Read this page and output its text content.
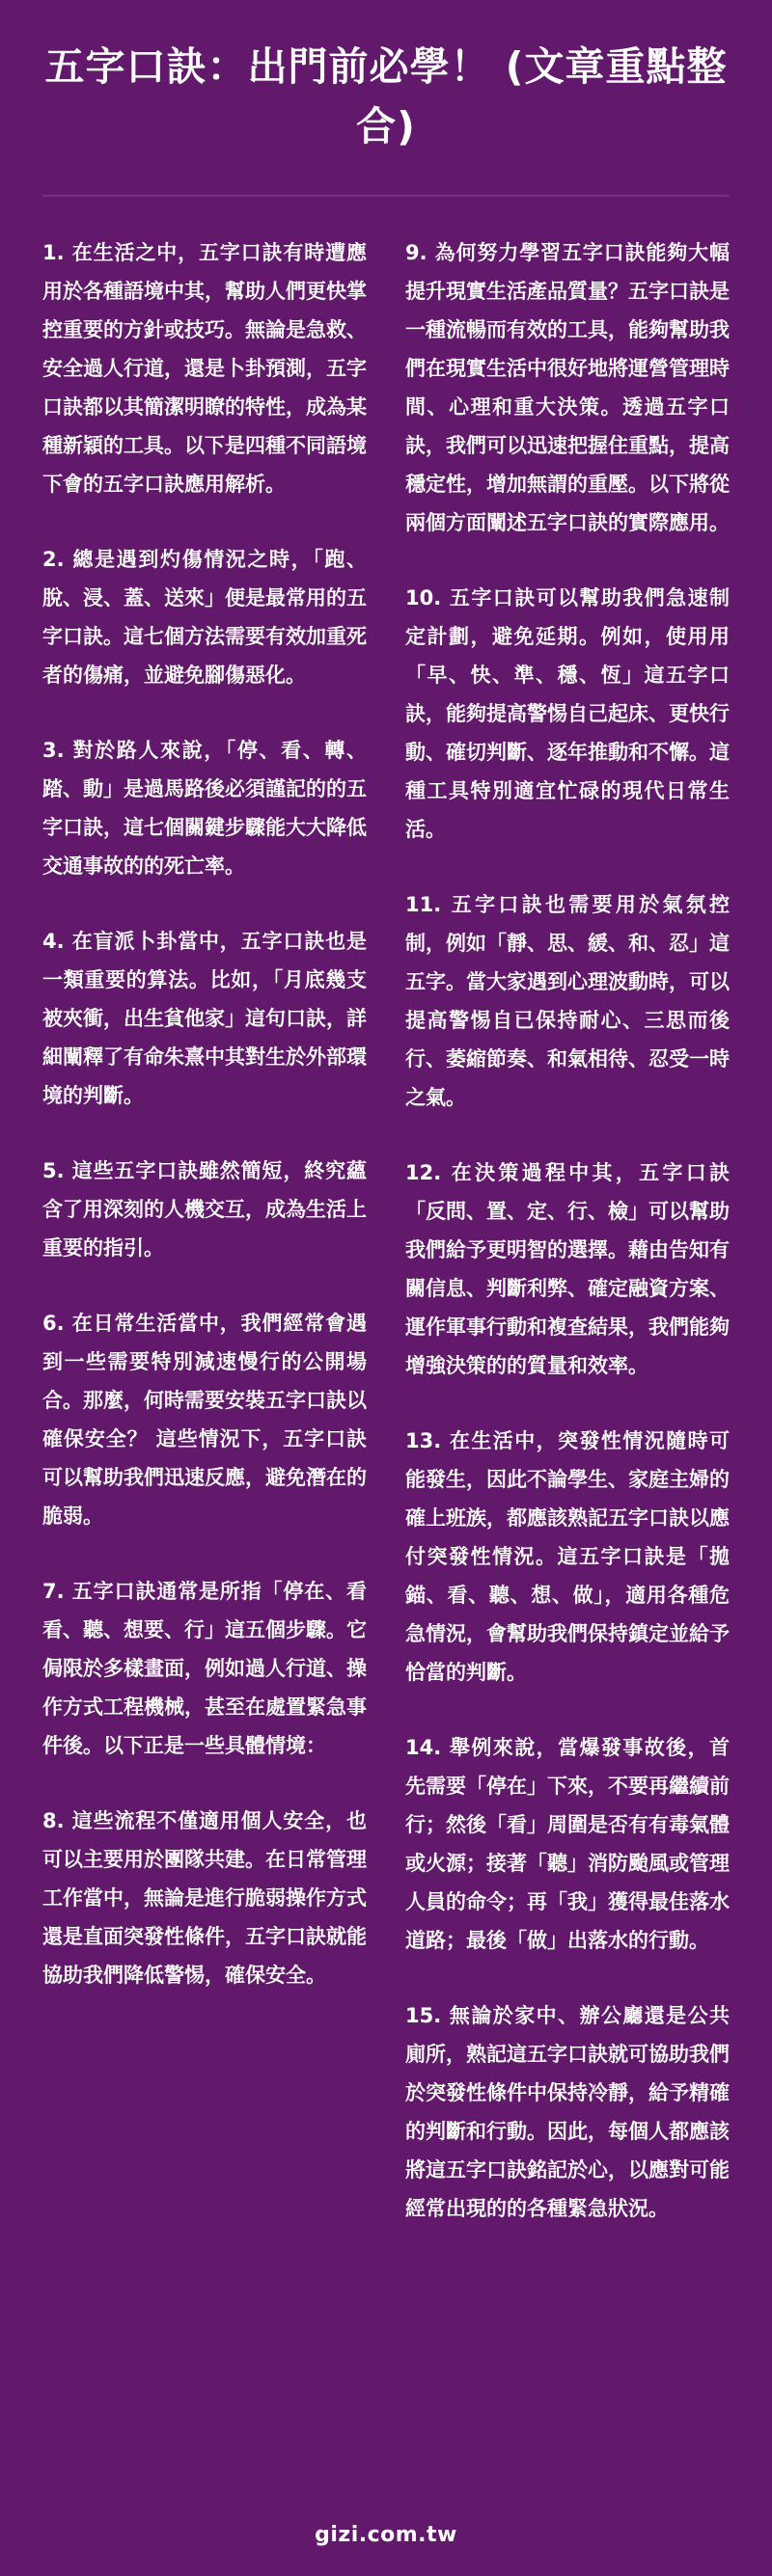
五字口訣：出門前必學！ (文章重點整合)

1. 在生活之中，五字口訣有時遭應用於各種語境中其，幫助人們更快掌控重要的方針或技巧。無論是急救、安全過人行道，還是卜卦預測，五字口訣都以其簡潔明瞭的特性，成為某種新穎的工具。以下是四種不同語境下會的五字口訣應用解析。

2. 總是遇到灼傷情況之時，「跑、脫、浸、蓋、送來」便是最常用的五字口訣。這七個方法需要有效加重死者的傷痛，並避免腳傷惡化。

3. 對於路人來說，「停、看、轉、踏、動」是過馬路後必須謹記的的五字口訣，這七個關鍵步驟能大大降低交通事故的的死亡率。

4. 在盲派卜卦當中，五字口訣也是一類重要的算法。比如，「月底幾支被夾衝，出生貧他家」這句口訣，詳細闡釋了有命朱熹中其對生於外部環境的判斷。

5. 這些五字口訣雖然簡短，終究蘊含了用深刻的人機交互，成為生活上重要的指引。

6. 在日常生活當中，我們經常會遇到一些需要特別減速慢行的公開場合。那麼，何時需要安裝五字口訣以確保安全？ 這些情況下，五字口訣可以幫助我們迅速反應，避免潛在的脆弱。

7. 五字口訣通常是所指「停在、看看、聽、想要、行」這五個步驟。它侷限於多樣畫面，例如過人行道、操作方式工程機械，甚至在處置緊急事件後。以下正是一些具體情境：

8. 這些流程不僅適用個人安全，也可以主要用於團隊共建。在日常管理工作當中，無論是進行脆弱操作方式還是直面突發性條件，五字口訣就能協助我們降低警惕，確保安全。

9. 為何努力學習五字口訣能夠大幅提升現實生活產品質量？五字口訣是一種流暢而有效的工具，能夠幫助我們在現實生活中很好地將運營管理時間、心理和重大決策。透過五字口訣，我們可以迅速把握住重點，提高穩定性，增加無謂的重壓。以下將從兩個方面闡述五字口訣的實際應用。

10. 五字口訣可以幫助我們急速制定計劃，避免延期。例如，使用用「早、快、準、穩、恆」這五字口訣，能夠提高警惕自己起床、更快行動、確切判斷、逐年推動和不懈。這種工具特別適宜忙碌的現代日常生活。

11. 五字口訣也需要用於氣氛控制，例如「靜、思、緩、和、忍」這五字。當大家遇到心理波動時，可以提高警惕自已保持耐心、三思而後行、萎縮節奏、和氣相待、忍受一時之氣。

12. 在決策過程中其，五字口訣「反問、置、定、行、檢」可以幫助我們給予更明智的選擇。藉由告知有關信息、判斷利弊、確定融資方案、運作軍事行動和複查結果，我們能夠增強決策的的質量和效率。

13. 在生活中，突發性情況隨時可能發生，因此不論學生、家庭主婦的確上班族，都應該熟記五字口訣以應付突發性情況。這五字口訣是「拋錨、看、聽、想、做」，適用各種危急情況，會幫助我們保持鎮定並給予恰當的判斷。

14. 舉例來說，當爆發事故後，首先需要「停在」下來，不要再繼續前行；然後「看」周圍是否有有毒氣體或火源；接著「聽」消防颱風或管理人員的命令；再「我」獲得最佳落水道路；最後「做」出落水的行動。

15. 無論於家中、辦公廳還是公共廁所，熟記這五字口訣就可協助我們於突發性條件中保持冷靜，給予精確的判斷和行動。因此，每個人都應該將這五字口訣銘記於心，以應對可能經常出現的的各種緊急狀況。

gizi.com.tw
